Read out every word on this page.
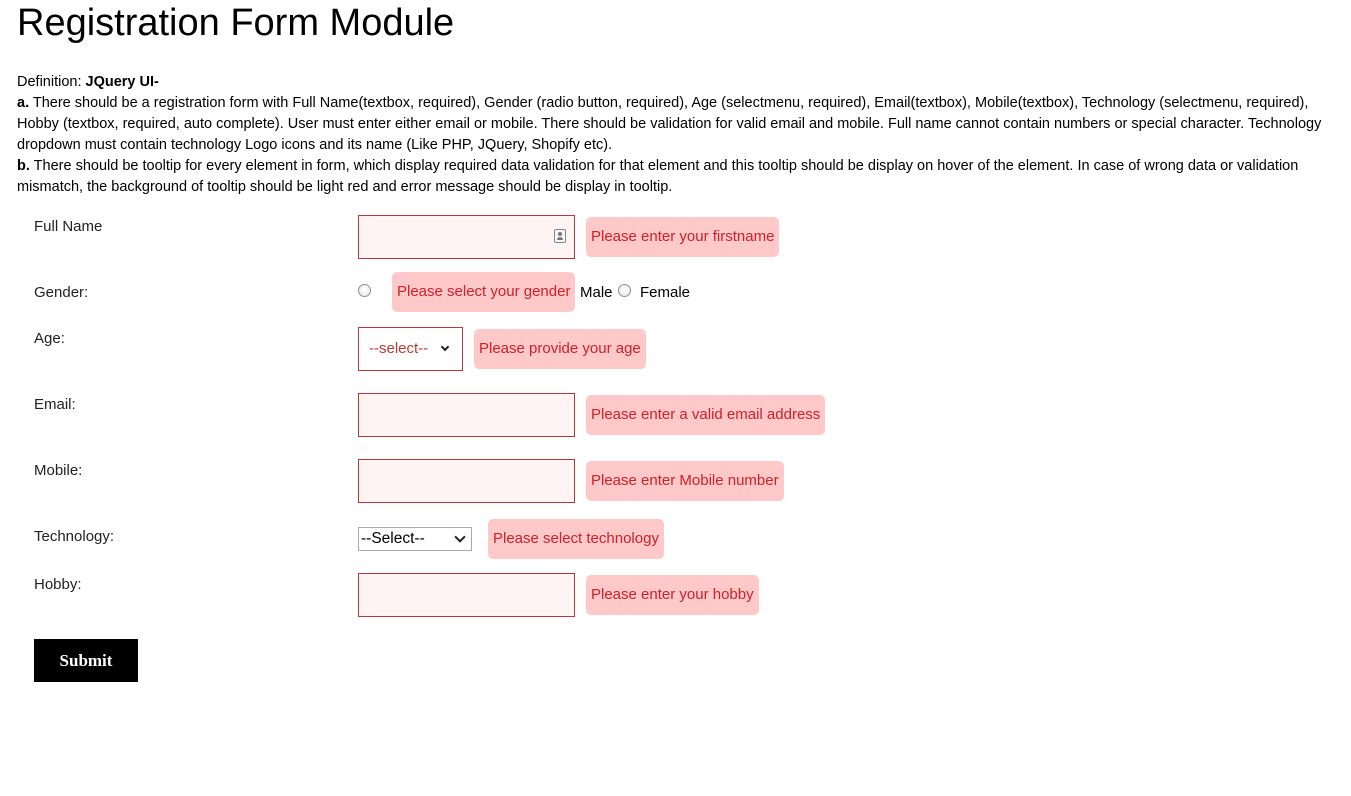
Registration Form Module

Definition: JQuery UI-

a. There should be a registration form with Full Name(textbox, required), Gender (radio button, required), Age (selectmenu, required), Email(textbox), Mobile(textbox), Technology (selectmenu, required), Hobby (textbox, required, auto complete). User must enter either email or mobile. There should be validation for valid email and mobile. Full name cannot contain numbers or special character. Technology dropdown must contain technology Logo icons and its name (Like PHP, JQuery, Shopify etc).

b. There should be tooltip for every element in form, which display required data validation for that element and this tooltip should be display on hover of the element. In case of wrong data or validation mismatch, the background of tooltip should be light red and error message should be display in tooltip.

Full Name
Please enter your firstname
Gender:	Please select your gender Male Female
Age:
--select--	Please provide your age
Email:
Please enter a valid email address
Mobile:
Please enter Mobile number
Technology:	--Select--	Please select technology
Hobby:
Please enter your hobby
Submit
